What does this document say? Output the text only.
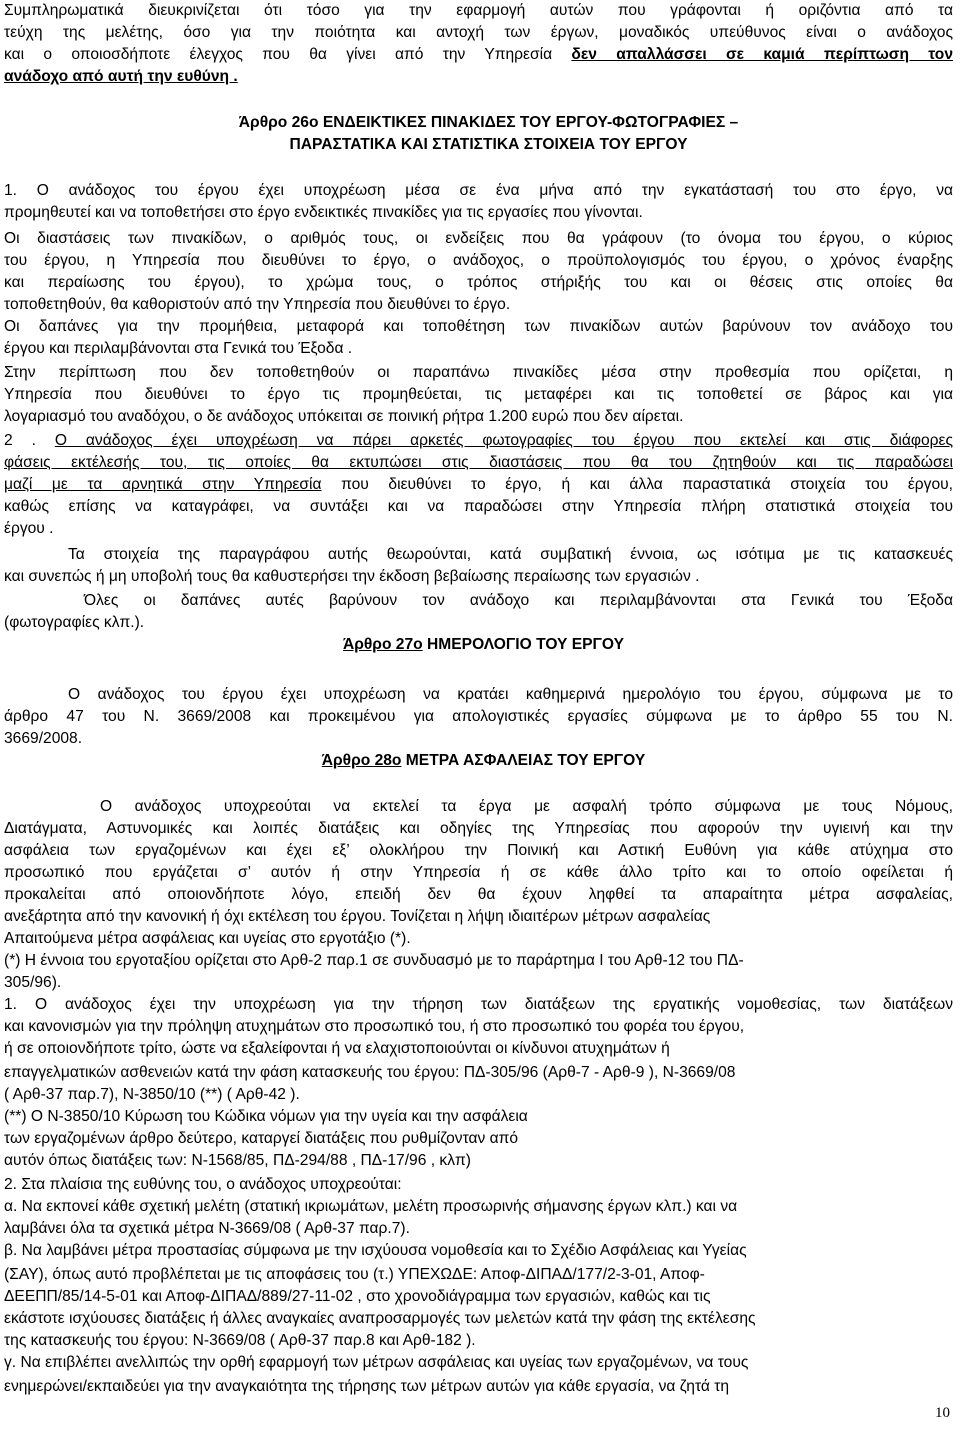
Συμπληρωματικά διευκρινίζεται ότι τόσο για την εφαρμογή αυτών που γράφονται ή οριζόντια από τα
τεύχη της μελέτης, όσο για την ποιότητα και αντοχή των έργων, μοναδικός υπεύθυνος είναι ο ανάδοχος
και ο οποιοσδήποτε έλεγχος που θα γίνει από την Υπηρεσία δεν απαλλάσσει σε καμιά περίπτωση τον
ανάδοχο από αυτή την ευθύνη .
Άρθρο 26ο ΕΝΔΕΙΚΤΙΚΕΣ ΠΙΝΑΚΙΔΕΣ ΤΟΥ ΕΡΓΟΥ-ΦΩΤΟΓΡΑΦΙΕΣ –
ΠΑΡΑΣΤΑΤΙΚΑ ΚΑΙ ΣΤΑΤΙΣΤΙΚΑ ΣΤΟΙΧΕΙΑ ΤΟΥ ΕΡΓΟΥ
1. Ο ανάδοχος του έργου έχει υποχρέωση μέσα σε ένα μήνα από την εγκατάστασή του στο έργο, να
προμηθευτεί και να τοποθετήσει στο έργο ενδεικτικές πινακίδες για τις εργασίες που γίνονται.
Οι διαστάσεις των πινακίδων, ο αριθμός τους, οι ενδείξεις που θα γράφουν (το όνομα του έργου, ο κύριος
του έργου, η Υπηρεσία που διευθύνει το έργο, ο ανάδοχος, ο προϋπολογισμός του έργου, ο χρόνος έναρξης
και περαίωσης του έργου), το χρώμα τους, ο τρόπος στήριξής του και οι θέσεις στις οποίες θα
τοποθετηθούν, θα καθοριστούν από την Υπηρεσία που διευθύνει το έργο.
Οι δαπάνες για την προμήθεια, μεταφορά και τοποθέτηση των πινακίδων αυτών βαρύνουν τον ανάδοχο του
έργου και περιλαμβάνονται στα Γενικά του Έξοδα .
Στην περίπτωση που δεν τοποθετηθούν οι παραπάνω πινακίδες μέσα στην προθεσμία που ορίζεται, η
Υπηρεσία που διευθύνει το έργο τις προμηθεύεται, τις μεταφέρει και τις τοποθετεί σε βάρος και για
λογαριασμό του αναδόχου, ο δε ανάδοχος υπόκειται σε ποινική ρήτρα 1.200 ευρώ που δεν αίρεται.
2 . Ο ανάδοχος έχει υποχρέωση να πάρει αρκετές φωτογραφίες του έργου που εκτελεί και στις διάφορες
φάσεις εκτέλεσής του, τις οποίες θα εκτυπώσει στις διαστάσεις που θα του ζητηθούν και τις παραδώσει
μαζί με τα αρνητικά στην Υπηρεσία που διευθύνει το έργο, ή και άλλα παραστατικά στοιχεία του έργου,
καθώς επίσης να καταγράφει, να συντάξει και να παραδώσει στην Υπηρεσία πλήρη στατιστικά στοιχεία του
έργου .
Τα στοιχεία της παραγράφου αυτής θεωρούνται, κατά συμβατική έννοια, ως ισότιμα με τις κατασκευές
και συνεπώς ή μη υποβολή τους θα καθυστερήσει την έκδοση βεβαίωσης περαίωσης των εργασιών .
Όλες οι δαπάνες αυτές βαρύνουν τον ανάδοχο και περιλαμβάνονται στα Γενικά του Έξοδα
(φωτογραφίες κλπ.).
Άρθρο 27ο ΗΜΕΡΟΛΟΓΙΟ ΤΟΥ ΕΡΓΟΥ
Ο ανάδοχος του έργου έχει υποχρέωση να κρατάει καθημερινά ημερολόγιο του έργου, σύμφωνα με το
άρθρο 47 του Ν. 3669/2008 και προκειμένου για απολογιστικές εργασίες σύμφωνα με το άρθρο 55 του Ν.
3669/2008.
Άρθρο 28ο ΜΕΤΡΑ ΑΣΦΑΛΕΙΑΣ ΤΟΥ ΕΡΓΟΥ
Ο ανάδοχος υποχρεούται να εκτελεί τα έργα με ασφαλή τρόπο σύμφωνα με τους Νόμους,
Διατάγματα, Αστυνομικές και λοιπές διατάξεις και οδηγίες της Υπηρεσίας που αφορούν την υγιεινή και την
ασφάλεια των εργαζομένων και έχει εξ’ ολοκλήρου την Ποινική και Αστική Ευθύνη για κάθε ατύχημα στο
προσωπικό που εργάζεται σ’ αυτόν ή στην Υπηρεσία ή σε κάθε άλλο τρίτο και το οποίο οφείλεται ή
προκαλείται από οποιονδήποτε λόγο, επειδή δεν θα έχουν ληφθεί τα απαραίτητα μέτρα ασφαλείας,
ανεξάρτητα από την κανονική ή όχι εκτέλεση του έργου. Τονίζεται η λήψη ιδιαιτέρων μέτρων ασφαλείας
Απαιτούμενα μέτρα ασφάλειας και υγείας στο εργοτάξιο (*).
(*) Η έννοια του εργοταξίου ορίζεται στο Αρθ-2 παρ.1 σε συνδυασμό με το παράρτημα Ι του Αρθ-12 του ΠΔ-
305/96).
1. Ο ανάδοχος έχει την υποχρέωση για την τήρηση των διατάξεων της εργατικής νομοθεσίας, των διατάξεων
και κανονισμών για την πρόληψη ατυχημάτων στο προσωπικό του, ή στο προσωπικό του φορέα του έργου,
ή σε οποιονδήποτε τρίτο, ώστε να εξαλείφονται ή να ελαχιστοποιούνται οι κίνδυνοι ατυχημάτων ή
επαγγελματικών ασθενειών κατά την φάση κατασκευής του έργου: ΠΔ-305/96 (Αρθ-7 - Αρθ-9 ), Ν-3669/08
( Αρθ-37 παρ.7), Ν-3850/10 (**) ( Αρθ-42 ).
(**) Ο Ν-3850/10 Κύρωση του Κώδικα νόμων για την υγεία και την ασφάλεια
των εργαζομένων άρθρο δεύτερο, καταργεί διατάξεις που ρυθμίζονταν από
αυτόν όπως διατάξεις των: Ν-1568/85, ΠΔ-294/88 , ΠΔ-17/96 , κλπ)
2. Στα πλαίσια της ευθύνης του, ο ανάδοχος υποχρεούται:
α. Να εκπονεί κάθε σχετική μελέτη (στατική ικριωμάτων, μελέτη προσωρινής σήμανσης έργων κλπ.) και να
λαμβάνει όλα τα σχετικά μέτρα Ν-3669/08 ( Αρθ-37 παρ.7).
β. Να λαμβάνει μέτρα προστασίας σύμφωνα με την ισχύουσα νομοθεσία και το Σχέδιο Ασφάλειας και Υγείας
(ΣΑΥ), όπως αυτό προβλέπεται με τις αποφάσεις του (τ.) ΥΠΕΧΩΔΕ: Αποφ-ΔΙΠΑΔ/177/2-3-01, Αποφ-
ΔΕΕΠΠ/85/14-5-01 και Αποφ-ΔΙΠΑΔ/889/27-11-02 , στο χρονοδιάγραμμα των εργασιών, καθώς και τις
εκάστοτε ισχύουσες διατάξεις ή άλλες αναγκαίες αναπροσαρμογές των μελετών κατά την φάση της εκτέλεσης
της κατασκευής του έργου: Ν-3669/08 ( Αρθ-37 παρ.8 και Αρθ-182 ).
γ. Να επιβλέπει ανελλιπώς την ορθή εφαρμογή των μέτρων ασφάλειας και υγείας των εργαζομένων, να τους
ενημερώνει/εκπαιδεύει για την αναγκαιότητα της τήρησης των μέτρων αυτών για κάθε εργασία, να ζητά τη
10
